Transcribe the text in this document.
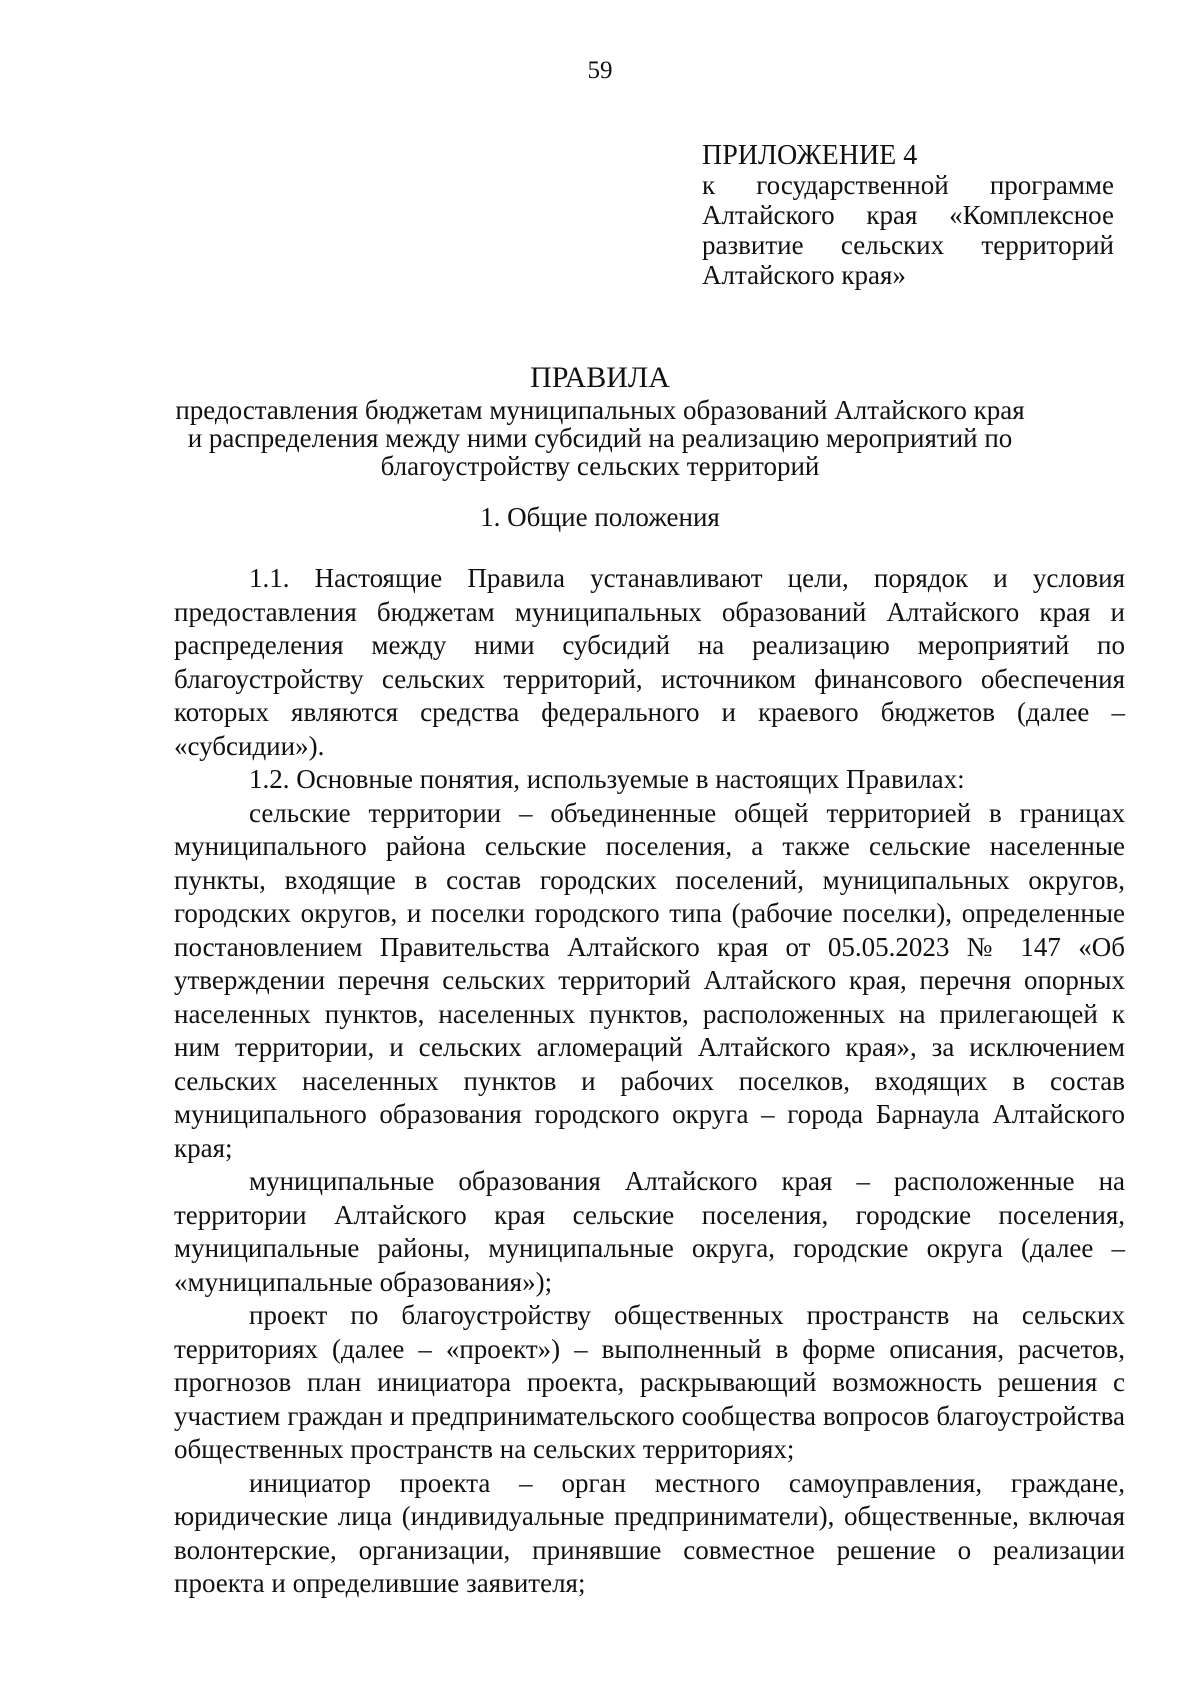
59
ПРИЛОЖЕНИЕ 4
к государственной программе
Алтайского края «Комплексное
развитие сельских территорий
Алтайского края»
ПРАВИЛА
предоставления бюджетам муниципальных образований Алтайского края
и распределения между ними субсидий на реализацию мероприятий по
благоустройству сельских территорий
1. Общие положения

1.1. Настоящие Правила устанавливают цели, порядок и условия предоставления бюджетам муниципальных образований Алтайского края и распределения между ними субсидий на реализацию мероприятий по благоустройству сельских территорий, источником финансового обеспечения которых являются средства федерального и краевого бюджетов (далее – «субсидии»).

1.2. Основные понятия, используемые в настоящих Правилах:

сельские территории – объединенные общей территорией в границах муниципального района сельские поселения, а также сельские населенные пункты, входящие в состав городских поселений, муниципальных округов, городских округов, и поселки городского типа (рабочие поселки), определенные постановлением Правительства Алтайского края от 05.05.2023 № 147 «Об утверждении перечня сельских территорий Алтайского края, перечня опорных населенных пунктов, населенных пунктов, расположенных на прилегающей к ним территории, и сельских агломераций Алтайского края», за исключением сельских населенных пунктов и рабочих поселков, входящих в состав муниципального образования городского округа – города Барнаула Алтайского края;

муниципальные образования Алтайского края – расположенные на территории Алтайского края сельские поселения, городские поселения, муниципальные районы, муниципальные округа, городские округа (далее – «муниципальные образования»);

проект по благоустройству общественных пространств на сельских территориях (далее – «проект») – выполненный в форме описания, расчетов, прогнозов план инициатора проекта, раскрывающий возможность решения с участием граждан и предпринимательского сообщества вопросов благоустройства общественных пространств на сельских территориях;

инициатор проекта – орган местного самоуправления, граждане, юридические лица (индивидуальные предприниматели), общественные, включая волонтерские, организации, принявшие совместное решение о реализации проекта и определившие заявителя;
